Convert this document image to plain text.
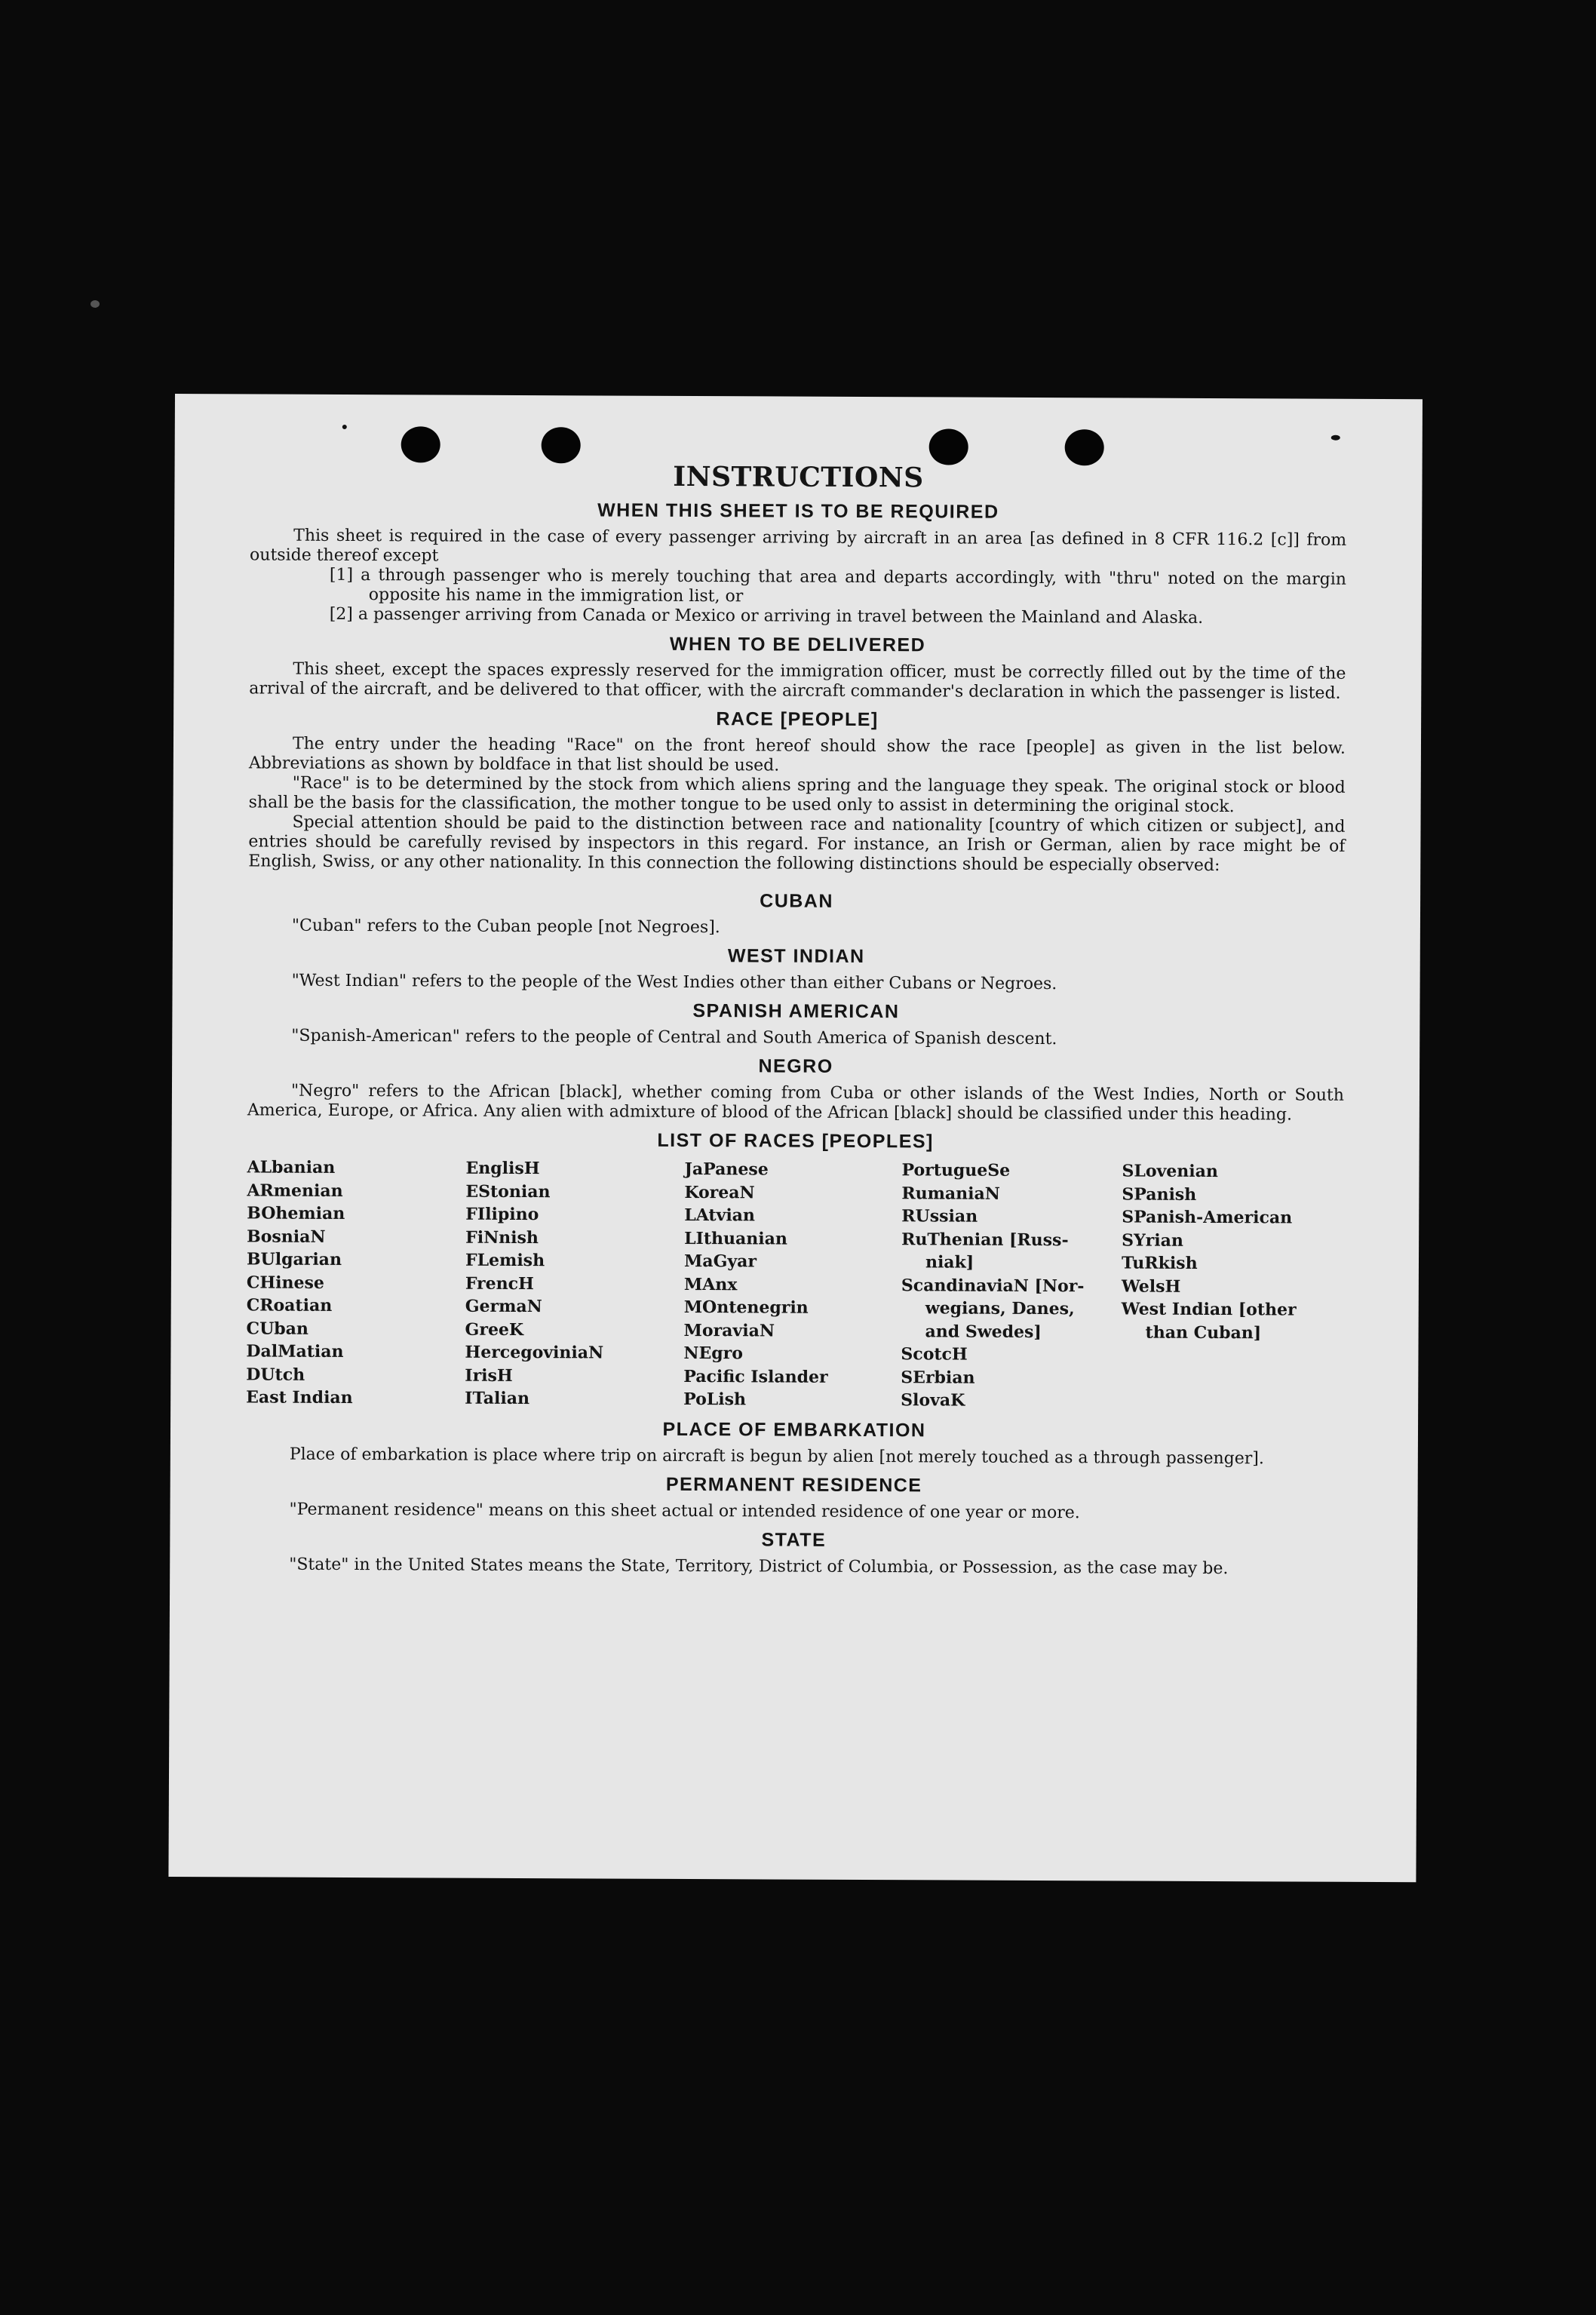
INSTRUCTIONS
WHEN THIS SHEET IS TO BE REQUIRED

This sheet is required in the case of every passenger arriving by aircraft in an area [as defined in 8 CFR 116.2 [c]] from outside thereof except

[1] a through passenger who is merely touching that area and departs accordingly, with "thru" noted on the margin opposite his name in the immigration list, or

[2] a passenger arriving from Canada or Mexico or arriving in travel between the Mainland and Alaska.

WHEN TO BE DELIVERED

This sheet, except the spaces expressly reserved for the immigration officer, must be correctly filled out by the time of the arrival of the aircraft, and be delivered to that officer, with the aircraft commander's declaration in which the passenger is listed.

RACE [PEOPLE]

The entry under the heading "Race" on the front hereof should show the race [people] as given in the list below. Abbreviations as shown by boldface in that list should be used.

"Race" is to be determined by the stock from which aliens spring and the language they speak. The original stock or blood shall be the basis for the classification, the mother tongue to be used only to assist in determining the original stock.

Special attention should be paid to the distinction between race and nationality [country of which citizen or subject], and entries should be carefully revised by inspectors in this regard. For instance, an Irish or German, alien by race might be of English, Swiss, or any other nationality. In this connection the following distinctions should be especially observed:

CUBAN

"Cuban" refers to the Cuban people [not Negroes].

WEST INDIAN

"West Indian" refers to the people of the West Indies other than either Cubans or Negroes.

SPANISH AMERICAN

"Spanish-American" refers to the people of Central and South America of Spanish descent.

NEGRO

"Negro" refers to the African [black], whether coming from Cuba or other islands of the West Indies, North or South America, Europe, or Africa. Any alien with admixture of blood of the African [black] should be classified under this heading.

LIST OF RACES [PEOPLES]
ALbanian
ARmenian
BOhemian
BosniaN
BUlgarian
CHinese
CRoatian
CUban
DalMatian
DUtch
East Indian
EnglisH
EStonian
FIlipino
FiNnish
FLemish
FrencH
GermaN
GreeK
HercegoviniaN
IrisH
ITalian
JaPanese
KoreaN
LAtvian
LIthuanian
MaGyar
MAnx
MOntenegrin
MoraviaN
NEgro
Pacific Islander
PoLish
PortugueSe
RumaniaN
RUssian
RuThenian [Russ-
niak]
ScandinaviaN [Nor-
wegians, Danes,
and Swedes]
ScotcH
SErbian
SlovaK
SLovenian
SPanish
SPanish-American
SYrian
TuRkish
WelsH
West Indian [other
than Cuban]
PLACE OF EMBARKATION

Place of embarkation is place where trip on aircraft is begun by alien [not merely touched as a through passenger].

PERMANENT RESIDENCE

"Permanent residence" means on this sheet actual or intended residence of one year or more.

STATE

"State" in the United States means the State, Territory, District of Columbia, or Possession, as the case may be.
